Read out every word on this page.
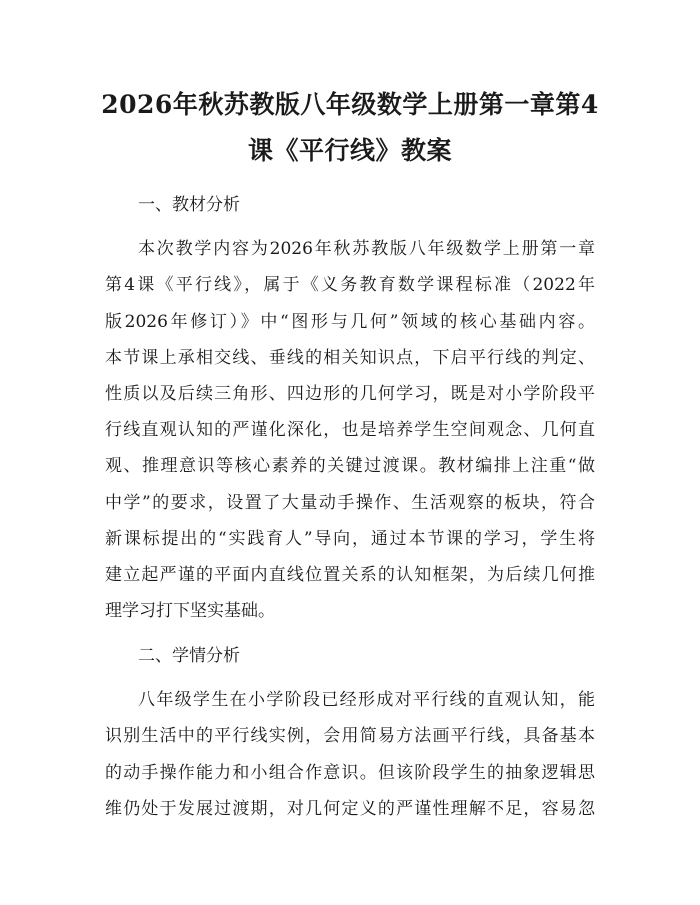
2026年秋苏教版八年级数学上册第一章第4
课《平行线》教案
一、教材分析
本次教学内容为2026年秋苏教版八年级数学上册第一章
第4课《平行线》，属于《义务教育数学课程标准（2022年
版2026年修订）》中“图形与几何”领域的核心基础内容。
本节课上承相交线、垂线的相关知识点，下启平行线的判定、
性质以及后续三角形、四边形的几何学习，既是对小学阶段平
行线直观认知的严谨化深化，也是培养学生空间观念、几何直
观、推理意识等核心素养的关键过渡课。教材编排上注重“做
中学”的要求，设置了大量动手操作、生活观察的板块，符合
新课标提出的“实践育人”导向，通过本节课的学习，学生将
建立起严谨的平面内直线位置关系的认知框架，为后续几何推
理学习打下坚实基础。
二、学情分析
八年级学生在小学阶段已经形成对平行线的直观认知，能
识别生活中的平行线实例，会用简易方法画平行线，具备基本
的动手操作能力和小组合作意识。但该阶段学生的抽象逻辑思
维仍处于发展过渡期，对几何定义的严谨性理解不足，容易忽
